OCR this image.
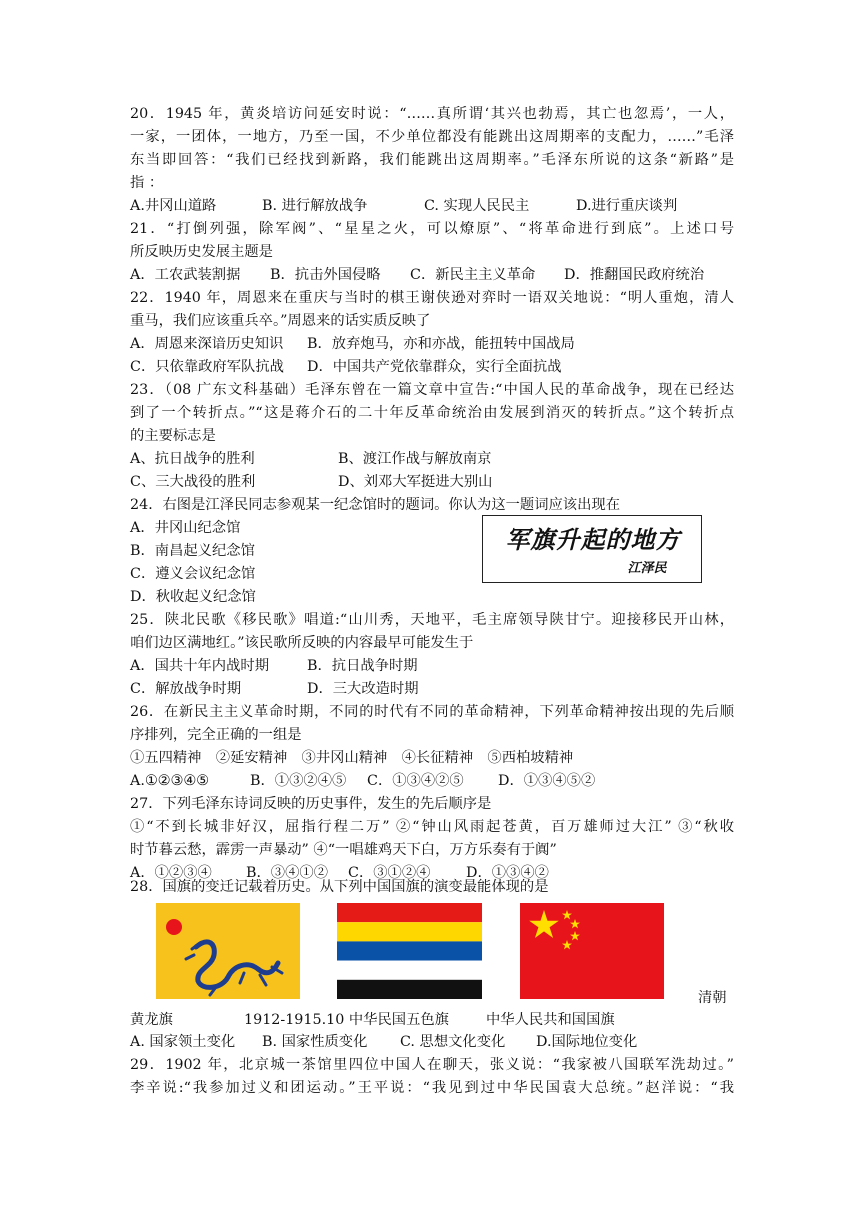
20．1945 年，黄炎培访问延安时说：“……真所谓‘其兴也勃焉，其亡也忽焉’，一人，
一家，一团体，一地方，乃至一国，不少单位都没有能跳出这周期率的支配力，……”毛泽
东当即回答：“我们已经找到新路，我们能跳出这周期率。”毛泽东所说的这条“新路”是
指 ：
A.井冈山道路	B. 进行解放战争	C. 实现人民民主	D.进行重庆谈判
21．“打倒列强，除军阀”、“星星之火，可以燎原”、“将革命进行到底”。上述口号
所反映历史发展主题是
A．工农武装割据 B．抗击外国侵略 C．新民主主义革命 D．推翻国民政府统治
22．1940 年，周恩来在重庆与当时的棋王谢侠逊对弈时一语双关地说：“明人重炮，清人
重马，我们应该重兵卒。”周恩来的话实质反映了
A．周恩来深谙历史知识 B．放弃炮马，亦和亦战，能扭转中国战局
C．只依靠政府军队抗战 D．中国共产党依靠群众，实行全面抗战
23．（08 广东文科基础）毛泽东曾在一篇文章中宣告:“中国人民的革命战争，现在已经达
到了一个转折点。”“这是蒋介石的二十年反革命统治由发展到消灭的转折点。”这个转折点
的主要标志是
A、抗日战争的胜利	B、渡江作战与解放南京
C、三大战役的胜利	D、刘邓大军挺进大别山
24．右图是江泽民同志参观某一纪念馆时的题词。你认为这一题词应该出现在
A．井冈山纪念馆
B．南昌起义纪念馆
C．遵义会议纪念馆
D．秋收起义纪念馆
军旗升起的地方
江泽民
25．陕北民歌《移民歌》唱道:“山川秀，天地平，毛主席领导陕甘宁。迎接移民开山林，
咱们边区满地红。”该民歌所反映的内容最早可能发生于
A．国共十年内战时期	B．抗日战争时期
C．解放战争时期	D．三大改造时期
26．在新民主主义革命时期，不同的时代有不同的革命精神，下列革命精神按出现的先后顺
序排列，完全正确的一组是
①五四精神　②延安精神　③井冈山精神　④长征精神　⑤西柏坡精神
A.①②③④⑤	B．①③②④⑤ C．①③④②⑤ D．①③④⑤②
27．下列毛泽东诗词反映的历史事件，发生的先后顺序是
①“不到长城非好汉，屈指行程二万” ②“钟山风雨起苍黄，百万雄师过大江” ③“秋收
时节暮云愁，霹雳一声暴动” ④“一唱雄鸡天下白，万方乐奏有于阗”
A．①②③④ B．③④①② C．③①②④ D．①③④②
28．国旗的变迁记载着历史。从下列中国国旗的演变最能体现的是
清朝
黄龙旗	1912-1915.10 中华民国五色旗	中华人民共和国国旗
A. 国家领土变化 B. 国家性质变化 C. 思想文化变化 D.国际地位变化
29．1902 年，北京城一茶馆里四位中国人在聊天，张义说：“我家被八国联军洗劫过。”
李辛说:“我参加过义和团运动。”王平说：“我见到过中华民国袁大总统。”赵洋说：“我
